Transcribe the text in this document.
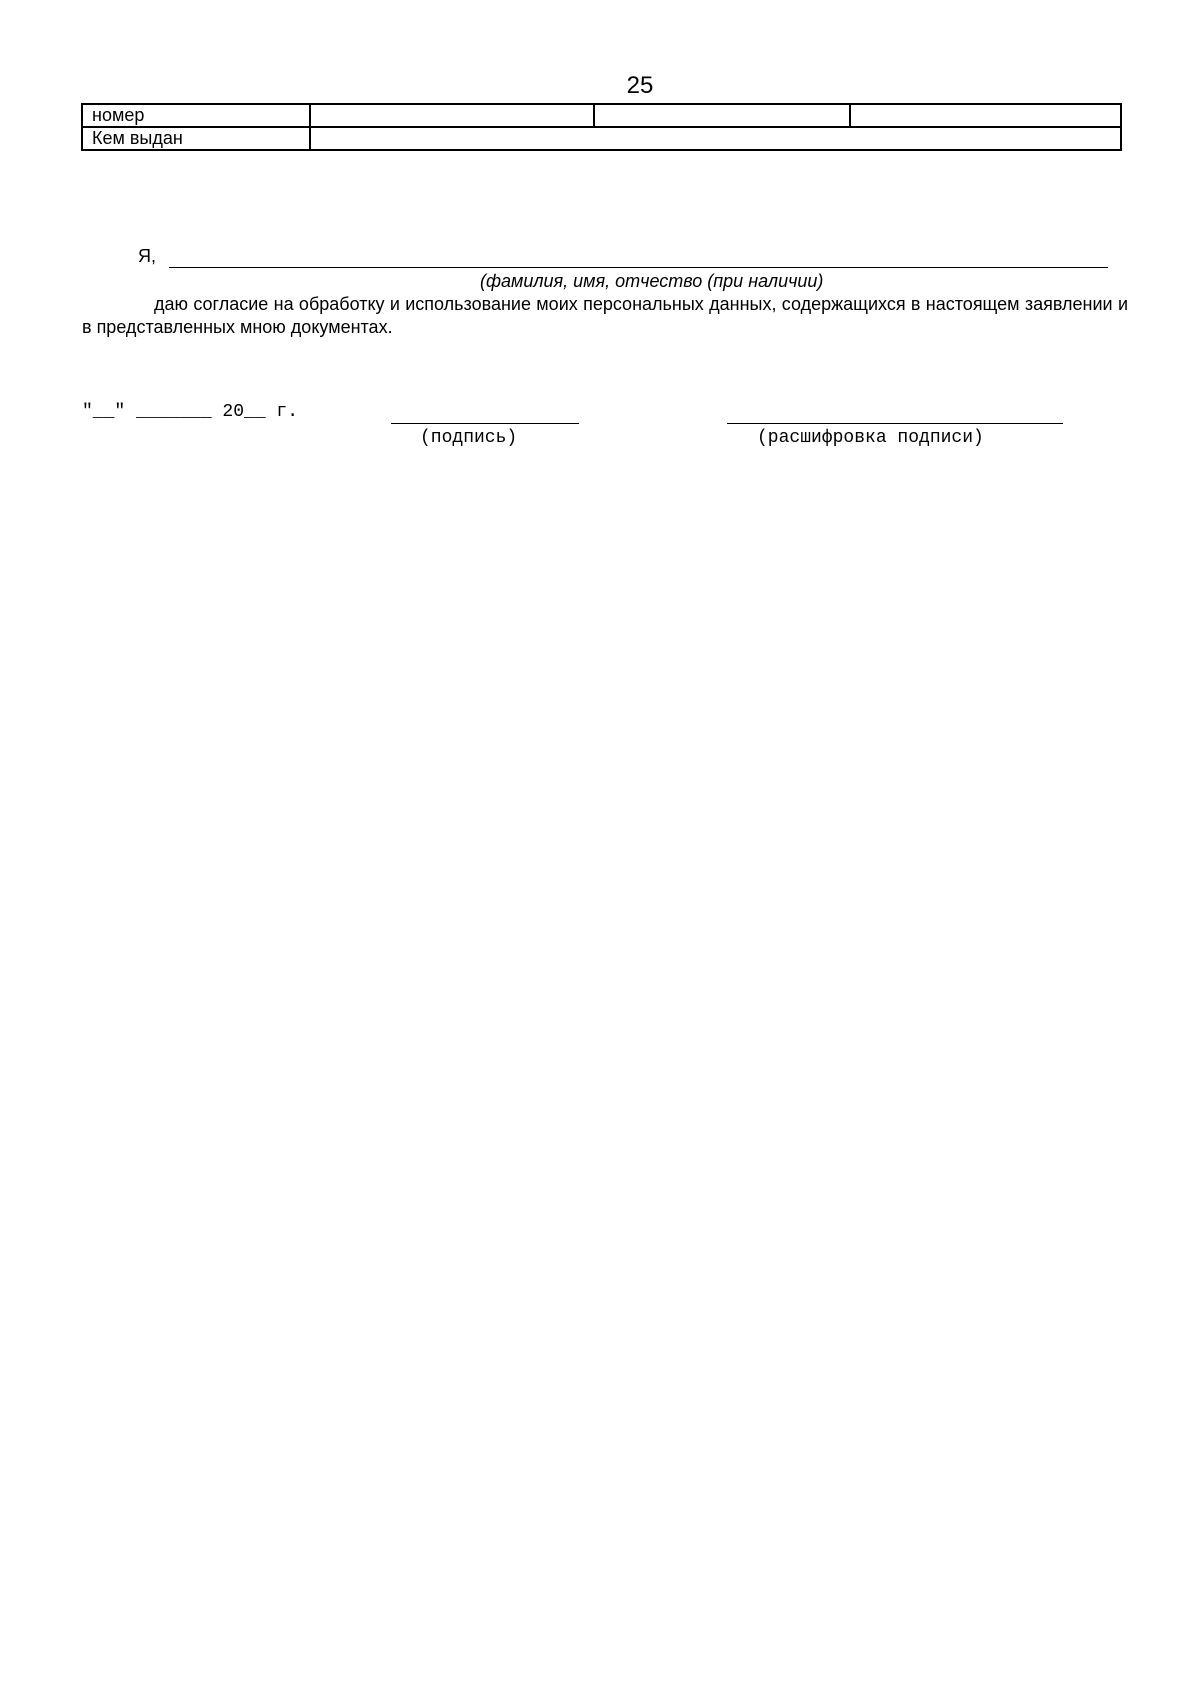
25
номер			
Кем выдан			
Я,
(фамилия, имя, отчество (при наличии)

даю согласие на обработку и использование моих персональных данных, содержащихся в настоящем заявлении и в представленных мною документах.

"__" _______ 20__ г.
(подпись)	(расшифровка подписи)
